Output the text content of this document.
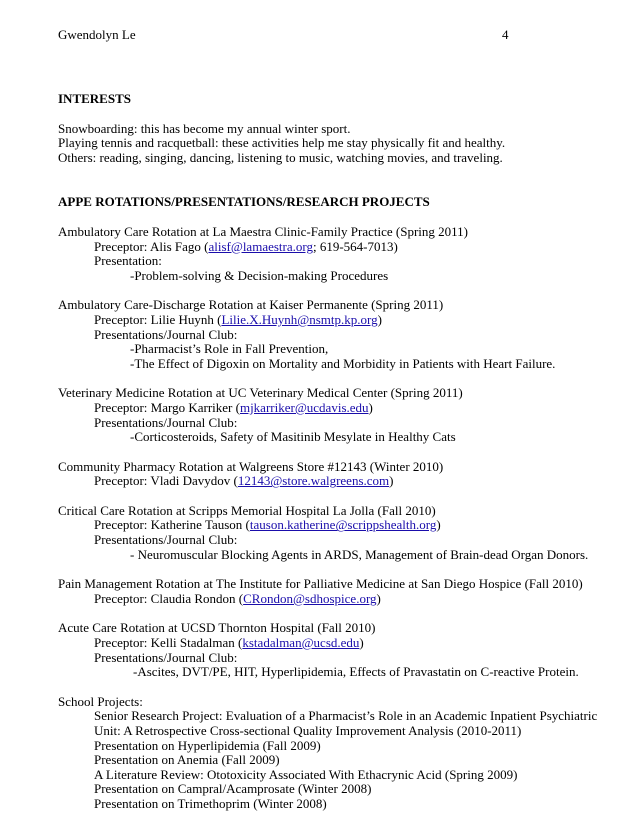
Gwendolyn Le	4
INTERESTS
Snowboarding: this has become my annual winter sport.
Playing tennis and racquetball: these activities help me stay physically fit and healthy.
Others: reading, singing, dancing, listening to music, watching movies, and traveling.
APPE ROTATIONS/PRESENTATIONS/RESEARCH PROJECTS
Ambulatory Care Rotation at La Maestra Clinic-Family Practice (Spring 2011)
Preceptor: Alis Fago (alisf@lamaestra.org; 619-564-7013)
Presentation:
-Problem-solving & Decision-making Procedures
Ambulatory Care-Discharge Rotation at Kaiser Permanente (Spring 2011)
Preceptor: Lilie Huynh (Lilie.X.Huynh@nsmtp.kp.org)
Presentations/Journal Club:
-Pharmacist’s Role in Fall Prevention,
-The Effect of Digoxin on Mortality and Morbidity in Patients with Heart Failure.
Veterinary Medicine Rotation at UC Veterinary Medical Center (Spring 2011)
Preceptor: Margo Karriker (mjkarriker@ucdavis.edu)
Presentations/Journal Club:
-Corticosteroids, Safety of Masitinib Mesylate in Healthy Cats
Community Pharmacy Rotation at Walgreens Store #12143 (Winter 2010)
Preceptor: Vladi Davydov (12143@store.walgreens.com)
Critical Care Rotation at Scripps Memorial Hospital La Jolla (Fall 2010)
Preceptor: Katherine Tauson (tauson.katherine@scrippshealth.org)
Presentations/Journal Club:
- Neuromuscular Blocking Agents in ARDS, Management of Brain-dead Organ Donors.
Pain Management Rotation at The Institute for Palliative Medicine at San Diego Hospice (Fall 2010)
Preceptor: Claudia Rondon (CRondon@sdhospice.org)
Acute Care Rotation at UCSD Thornton Hospital (Fall 2010)
Preceptor: Kelli Stadalman (kstadalman@ucsd.edu)
Presentations/Journal Club:
-Ascites, DVT/PE, HIT, Hyperlipidemia, Effects of Pravastatin on C-reactive Protein.
School Projects:
Senior Research Project: Evaluation of a Pharmacist’s Role in an Academic Inpatient Psychiatric
Unit: A Retrospective Cross-sectional Quality Improvement Analysis (2010-2011)
Presentation on Hyperlipidemia (Fall 2009)
Presentation on Anemia (Fall 2009)
A Literature Review: Ototoxicity Associated With Ethacrynic Acid (Spring 2009)
Presentation on Campral/Acamprosate (Winter 2008)
Presentation on Trimethoprim (Winter 2008)
